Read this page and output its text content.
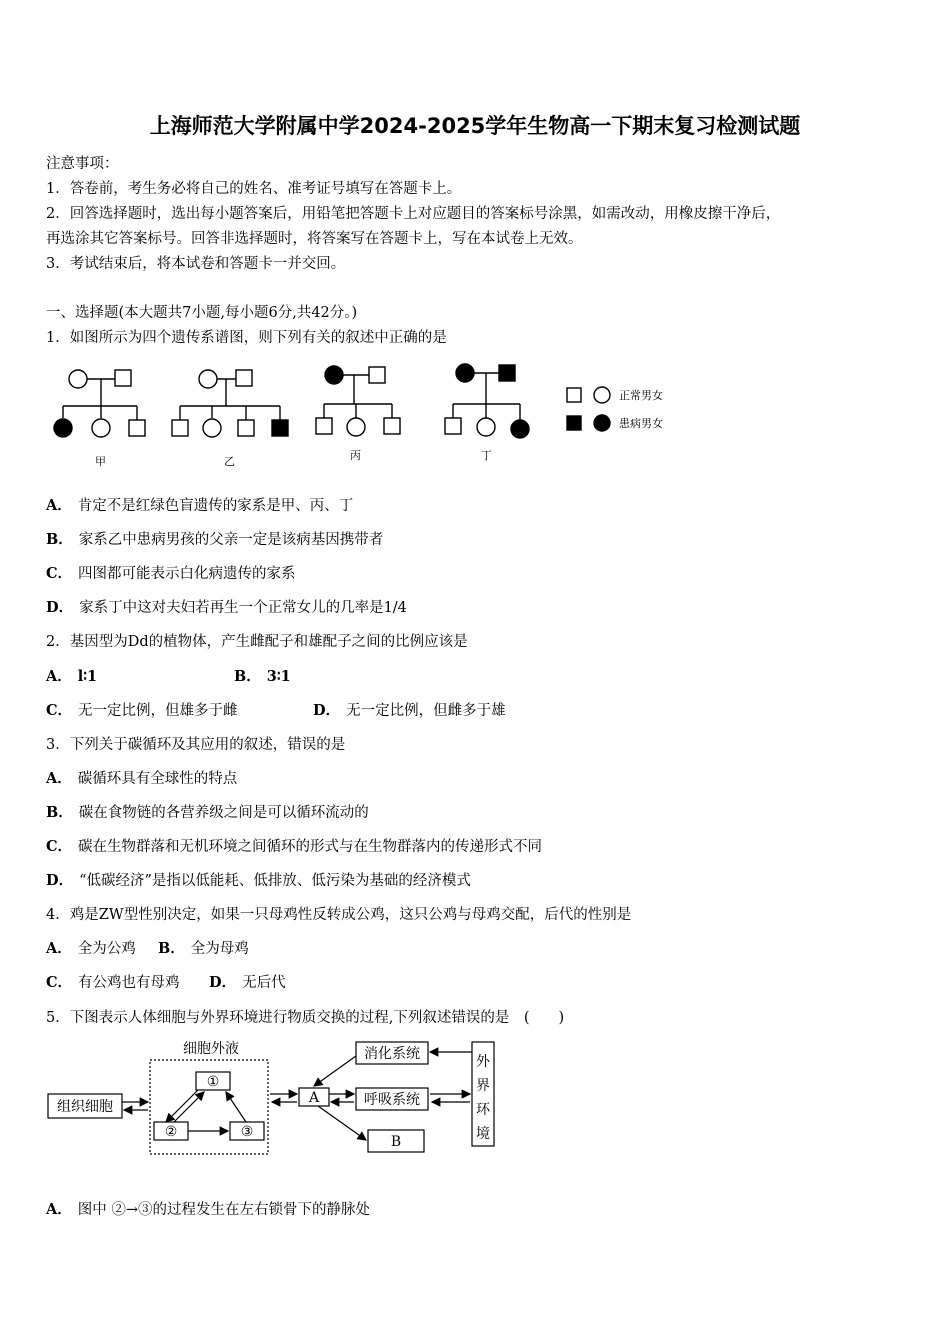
上海师范大学附属中学2024-2025学年生物高一下期末复习检测试题
注意事项：
1．答卷前，考生务必将自己的姓名、准考证号填写在答题卡上。
2．回答选择题时，选出每小题答案后，用铅笔把答题卡上对应题目的答案标号涂黑，如需改动，用橡皮擦干净后，
再选涂其它答案标号。回答非选择题时，将答案写在答题卡上，写在本试卷上无效。
3．考试结束后，将本试卷和答题卡一并交回。
一、选择题(本大题共7小题,每小题6分,共42分。)
1．如图所示为四个遗传系谱图，则下列有关的叙述中正确的是
正常男女
患病男女
甲	乙	丙	丁
A． 肯定不是红绿色盲遗传的家系是甲、丙、丁
B． 家系乙中患病男孩的父亲一定是该病基因携带者
C． 四图都可能表示白化病遗传的家系
D． 家系丁中这对夫妇若再生一个正常女儿的几率是1/4
2．基因型为Dd的植物体，产生雌配子和雄配子之间的比例应该是
A． l∶1	B． 3∶1
C． 无一定比例，但雄多于雌	D． 无一定比例，但雌多于雄
3．下列关于碳循环及其应用的叙述，错误的是
A． 碳循环具有全球性的特点
B． 碳在食物链的各营养级之间是可以循环流动的
C． 碳在生物群落和无机环境之间循环的形式与在生物群落内的传递形式不同
D． “低碳经济”是指以低能耗、低排放、低污染为基础的经济模式
4．鸡是ZW型性别决定，如果一只母鸡性反转成公鸡，这只公鸡与母鸡交配，后代的性别是
A． 全为公鸡 B． 全为母鸡
C． 有公鸡也有母鸡 D． 无后代
5．下图表示人体细胞与外界环境进行物质交换的过程,下列叙述错误的是　(　　)
细胞外液
组织细胞
①
②	③
A
消化系统
呼吸系统
B
外
界
环
境
A． 图中 ②→③的过程发生在左右锁骨下的静脉处
